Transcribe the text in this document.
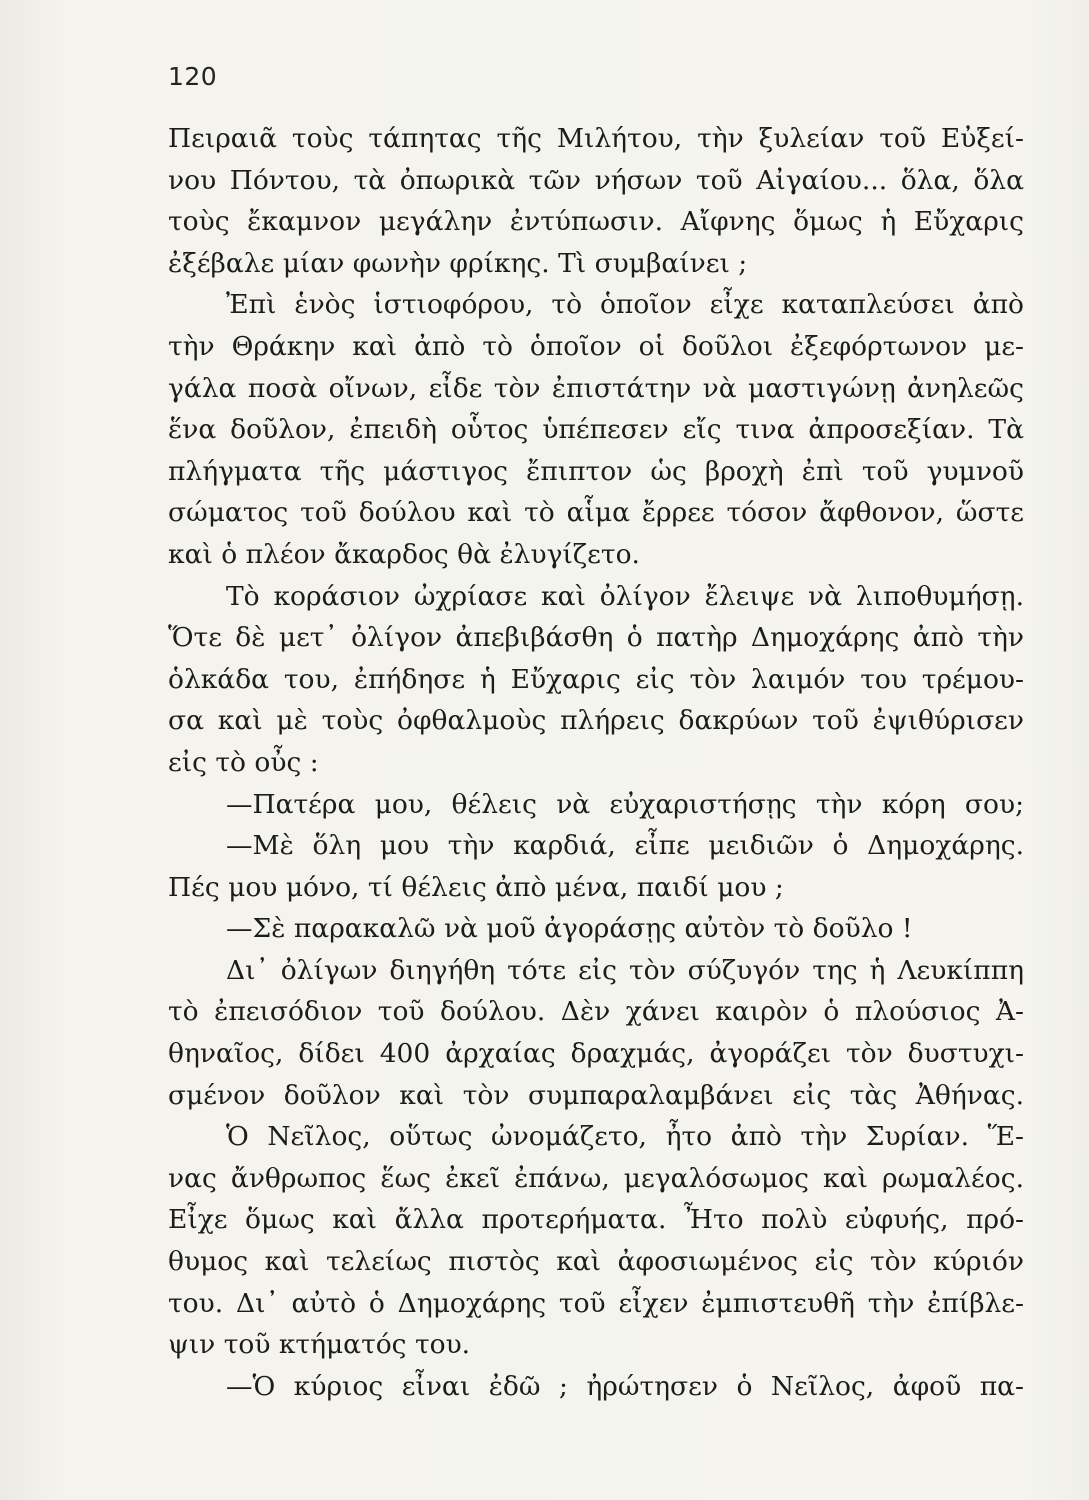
120
Πειραιᾶ τοὺς τάπητας τῆς Μιλήτου, τὴν ξυλείαν τοῦ Εὐξεί-
νου Πόντου, τὰ ὀπωρικὰ τῶν νήσων τοῦ Αἰγαίου... ὅλα, ὅλα
τοὺς ἔκαμνον μεγάλην ἐντύπωσιν. Αἴφνης ὅμως ἡ Εὔχαρις
ἐξέβαλε μίαν φωνὴν φρίκης. Τὶ συμβαίνει ;
Ἐπὶ ἑνὸς ἱστιοφόρου, τὸ ὁποῖον εἶχε καταπλεύσει ἀπὸ
τὴν Θράκην καὶ ἀπὸ τὸ ὁποῖον οἱ δοῦλοι ἐξεφόρτωνον με-
γάλα ποσὰ οἴνων, εἶδε τὸν ἐπιστάτην νὰ μαστιγώνῃ ἀνηλεῶς
ἕνα δοῦλον, ἐπειδὴ οὗτος ὑπέπεσεν εἴς τινα ἀπροσεξίαν. Τὰ
πλήγματα τῆς μάστιγος ἔπιπτον ὡς βροχὴ ἐπὶ τοῦ γυμνοῦ
σώματος τοῦ δούλου καὶ τὸ αἷμα ἔρρεε τόσον ἄφθονον, ὥστε
καὶ ὁ πλέον ἄκαρδος θὰ ἐλυγίζετο.
Τὸ κοράσιον ὠχρίασε καὶ ὀλίγον ἔλειψε νὰ λιποθυμήσῃ.
Ὅτε δὲ μετ᾽ ὀλίγον ἀπεβιβάσθη ὁ πατὴρ Δημοχάρης ἀπὸ τὴν
ὁλκάδα του, ἐπήδησε ἡ Εὔχαρις εἰς τὸν λαιμόν του τρέμου-
σα καὶ μὲ τοὺς ὀφθαλμοὺς πλήρεις δακρύων τοῦ ἐψιθύρισεν
εἰς τὸ οὖς :
—Πατέρα μου, θέλεις νὰ εὐχαριστήσῃς τὴν κόρη σου;
—Μὲ ὅλη μου τὴν καρδιά, εἶπε μειδιῶν ὁ Δημοχάρης.
Πές μου μόνο, τί θέλεις ἀπὸ μένα, παιδί μου ;
—Σὲ παρακαλῶ νὰ μοῦ ἀγοράσῃς αὐτὸν τὸ δοῦλο !
Δι᾽ ὀλίγων διηγήθη τότε εἰς τὸν σύζυγόν της ἡ Λευκίππη
τὸ ἐπεισόδιον τοῦ δούλου. Δὲν χάνει καιρὸν ὁ πλούσιος Ἀ-
θηναῖος, δίδει 400 ἀρχαίας δραχμάς, ἀγοράζει τὸν δυστυχι-
σμένον δοῦλον καὶ τὸν συμπαραλαμβάνει εἰς τὰς Ἀθήνας.
Ὁ Νεῖλος, οὕτως ὠνομάζετο, ἦτο ἀπὸ τὴν Συρίαν. Ἕ-
νας ἄνθρωπος ἕως ἐκεῖ ἐπάνω, μεγαλόσωμος καὶ ρωμαλέος.
Εἶχε ὅμως καὶ ἄλλα προτερήματα. Ἦτο πολὺ εὐφυής, πρό-
θυμος καὶ τελείως πιστὸς καὶ ἀφοσιωμένος εἰς τὸν κύριόν
του. Δι᾽ αὐτὸ ὁ Δημοχάρης τοῦ εἶχεν ἐμπιστευθῆ τὴν ἐπίβλε-
ψιν τοῦ κτήματός του.
—Ὁ κύριος εἶναι ἐδῶ ; ἠρώτησεν ὁ Νεῖλος, ἀφοῦ πα-
